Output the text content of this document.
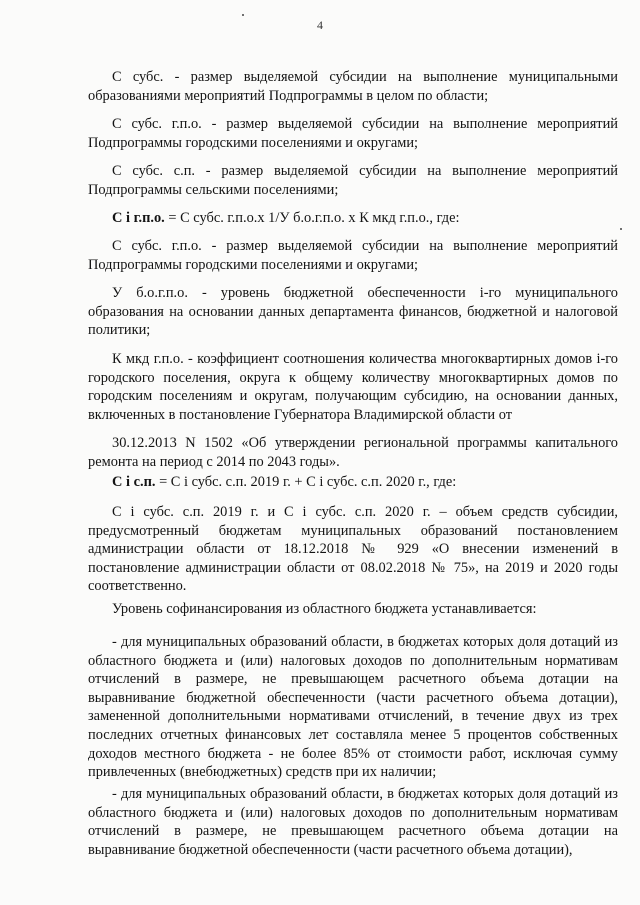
4
С субс. - размер выделяемой субсидии на выполнение муниципальными образованиями мероприятий Подпрограммы в целом по области;
С субс. г.п.о. - размер выделяемой субсидии на выполнение мероприятий Подпрограммы городскими поселениями и округами;
С субс. с.п. - размер выделяемой субсидии на выполнение мероприятий Подпрограммы сельскими поселениями;
С i г.п.о. = С субс. г.п.о.х 1/У б.о.г.п.о. х К мкд г.п.о., где:
С субс. г.п.о. - размер выделяемой субсидии на выполнение мероприятий Подпрограммы городскими поселениями и округами;
У б.о.г.п.о. - уровень бюджетной обеспеченности i-го муниципального образования на основании данных департамента финансов, бюджетной и налоговой политики;
К мкд г.п.о. - коэффициент соотношения количества многоквартирных домов i-го городского поселения, округа к общему количеству многоквартирных домов по городским поселениям и округам, получающим субсидию, на основании данных, включенных в постановление Губернатора Владимирской области от
30.12.2013 N 1502 «Об утверждении региональной программы капитального ремонта на период с 2014 по 2043 годы».
С i с.п. = С i субс. с.п. 2019 г. + С i субс. с.п. 2020 г., где:
С i субс. с.п. 2019 г. и С i субс. с.п. 2020 г. – объем средств субсидии, предусмотренный бюджетам муниципальных образований постановлением администрации области от 18.12.2018 № 929 «О внесении изменений в постановление администрации области от 08.02.2018 № 75», на 2019 и 2020 годы соответственно.
Уровень софинансирования из областного бюджета устанавливается:
- для муниципальных образований области, в бюджетах которых доля дотаций из областного бюджета и (или) налоговых доходов по дополнительным нормативам отчислений в размере, не превышающем расчетного объема дотации на выравнивание бюджетной обеспеченности (части расчетного объема дотации), замененной дополнительными нормативами отчислений, в течение двух из трех последних отчетных финансовых лет составляла менее 5 процентов собственных доходов местного бюджета - не более 85% от стоимости работ, исключая сумму привлеченных (внебюджетных) средств при их наличии;
- для муниципальных образований области, в бюджетах которых доля дотаций из областного бюджета и (или) налоговых доходов по дополнительным нормативам отчислений в размере, не превышающем расчетного объема дотации на выравнивание бюджетной обеспеченности (части расчетного объема дотации),
